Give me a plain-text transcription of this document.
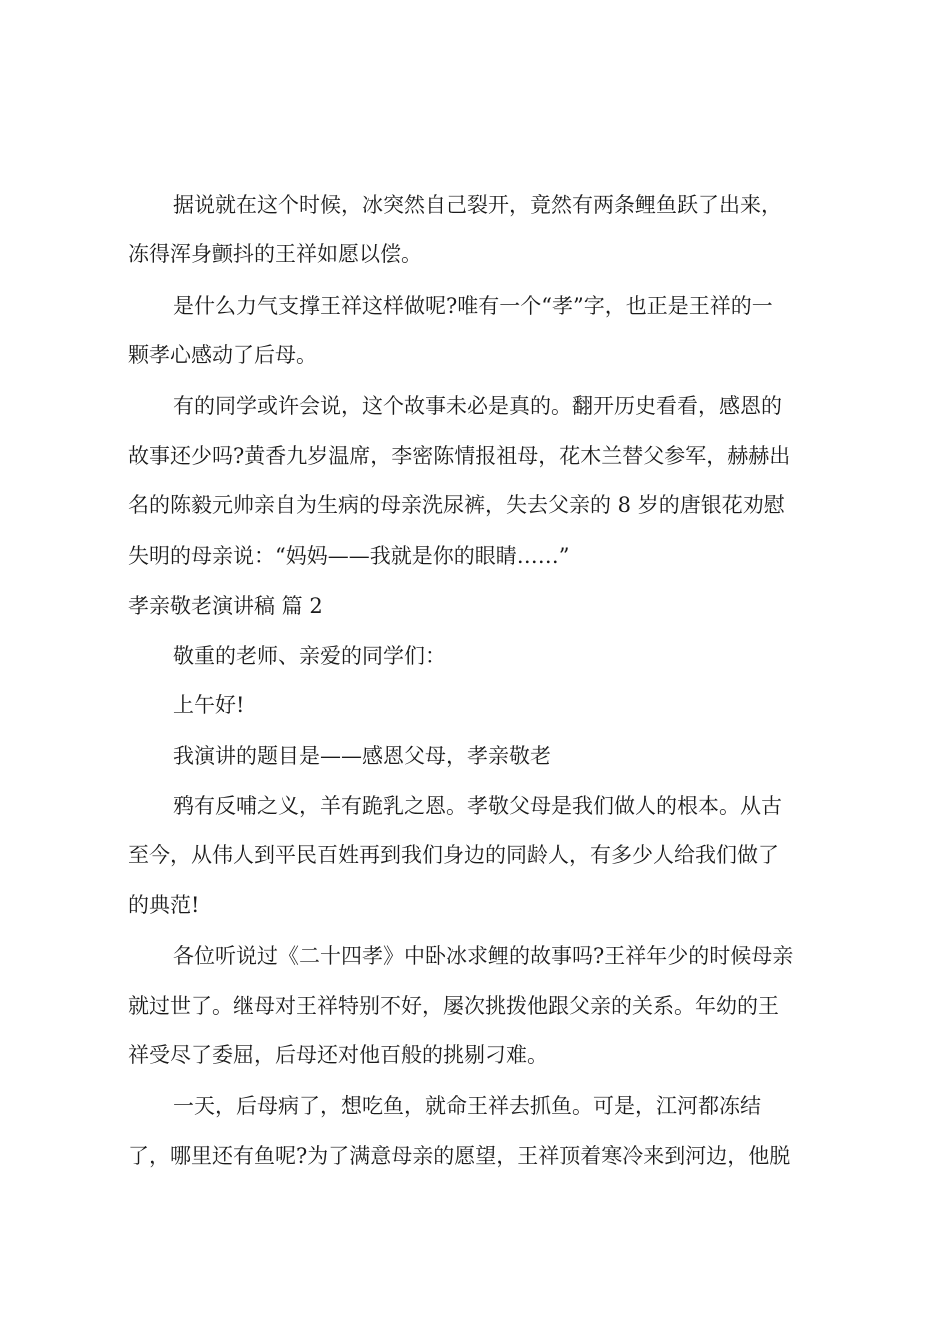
据说就在这个时候，冰突然自己裂开，竟然有两条鲤鱼跃了出来，
冻得浑身颤抖的王祥如愿以偿。
是什么力气支撑王祥这样做呢?唯有一个“孝”字，也正是王祥的一
颗孝心感动了后母。
有的同学或许会说，这个故事未必是真的。翻开历史看看，感恩的
故事还少吗?黄香九岁温席，李密陈情报祖母，花木兰替父参军，赫赫出
名的陈毅元帅亲自为生病的母亲洗尿裤，失去父亲的 8 岁的唐银花劝慰
失明的母亲说：“妈妈——我就是你的眼睛……”
孝亲敬老演讲稿 篇 2
敬重的老师、亲爱的同学们：
上午好!
我演讲的题目是——感恩父母，孝亲敬老
鸦有反哺之义，羊有跪乳之恩。孝敬父母是我们做人的根本。从古
至今，从伟人到平民百姓再到我们身边的同龄人，有多少人给我们做了
的典范!
各位听说过《二十四孝》中卧冰求鲤的故事吗?王祥年少的时候母亲
就过世了。继母对王祥特别不好，屡次挑拨他跟父亲的关系。年幼的王
祥受尽了委屈，后母还对他百般的挑剔刁难。
一天，后母病了，想吃鱼，就命王祥去抓鱼。可是，江河都冻结
了，哪里还有鱼呢?为了满意母亲的愿望，王祥顶着寒冷来到河边，他脱
